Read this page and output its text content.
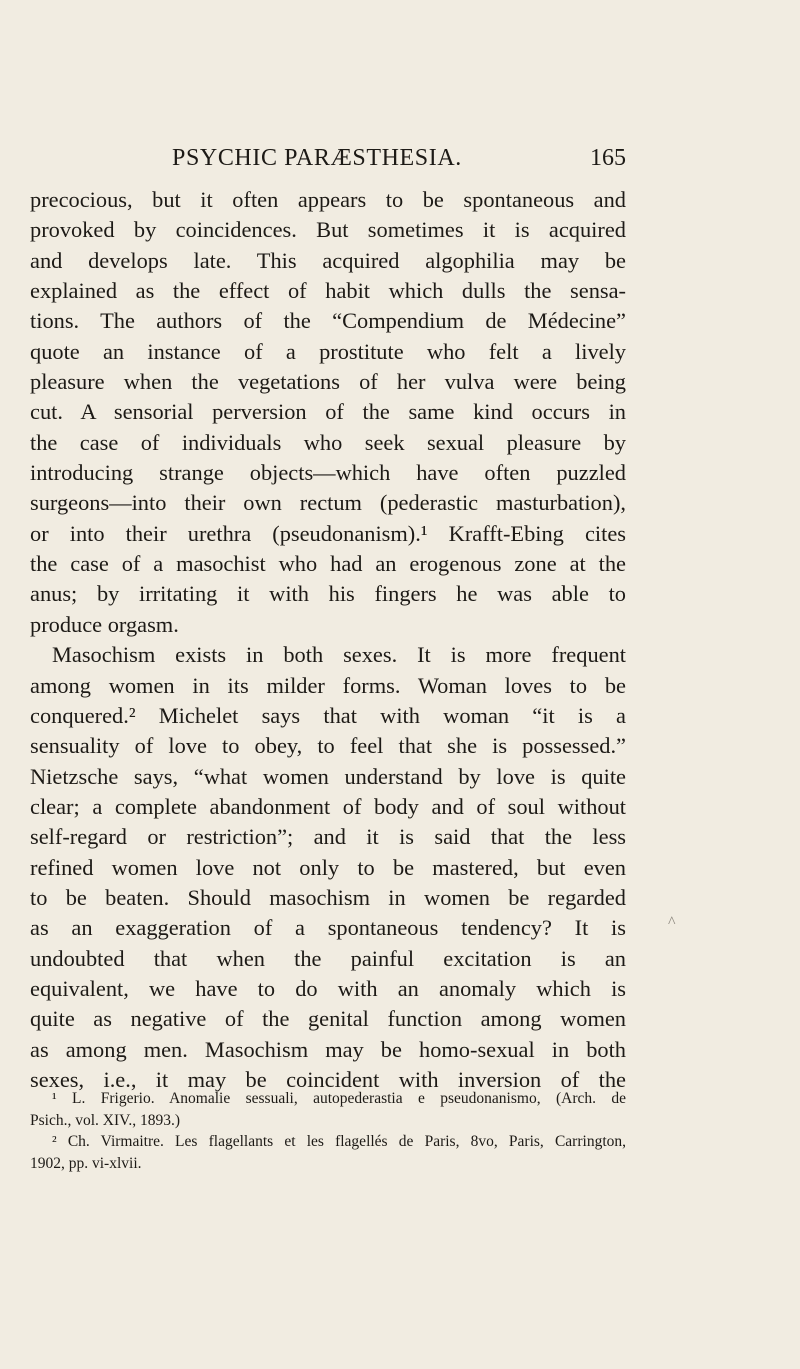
PSYCHIC PARÆSTHESIA.	165
precocious, but it often appears to be spontaneous and
provoked by coincidences. But sometimes it is acquired
and develops late. This acquired algophilia may be
explained as the effect of habit which dulls the sensa-
tions. The authors of the “Compendium de Médecine”
quote an instance of a prostitute who felt a lively
pleasure when the vegetations of her vulva were being
cut. A sensorial perversion of the same kind occurs in
the case of individuals who seek sexual pleasure by
introducing strange objects—which have often puzzled
surgeons—into their own rectum (pederastic masturbation),
or into their urethra (pseudonanism).¹ Krafft-Ebing cites
the case of a masochist who had an erogenous zone at the
anus; by irritating it with his fingers he was able to
produce orgasm.
Masochism exists in both sexes. It is more frequent
among women in its milder forms. Woman loves to be
conquered.² Michelet says that with woman “it is a
sensuality of love to obey, to feel that she is possessed.”
Nietzsche says, “what women understand by love is quite
clear; a complete abandonment of body and of soul without
self-regard or restriction”; and it is said that the less
refined women love not only to be mastered, but even
to be beaten. Should masochism in women be regarded
as an exaggeration of a spontaneous tendency? It is
undoubted that when the painful excitation is an
equivalent, we have to do with an anomaly which is
quite as negative of the genital function among women
as among men. Masochism may be homo-sexual in both
sexes, i.e., it may be coincident with inversion of the
¹ L. Frigerio. Anomalie sessuali, autopederastia e pseudonanismo, (Arch. de
Psich., vol. XIV., 1893.)
² Ch. Virmaitre. Les flagellants et les flagellés de Paris, 8vo, Paris, Carrington,
1902, pp. vi-xlvii.
^
